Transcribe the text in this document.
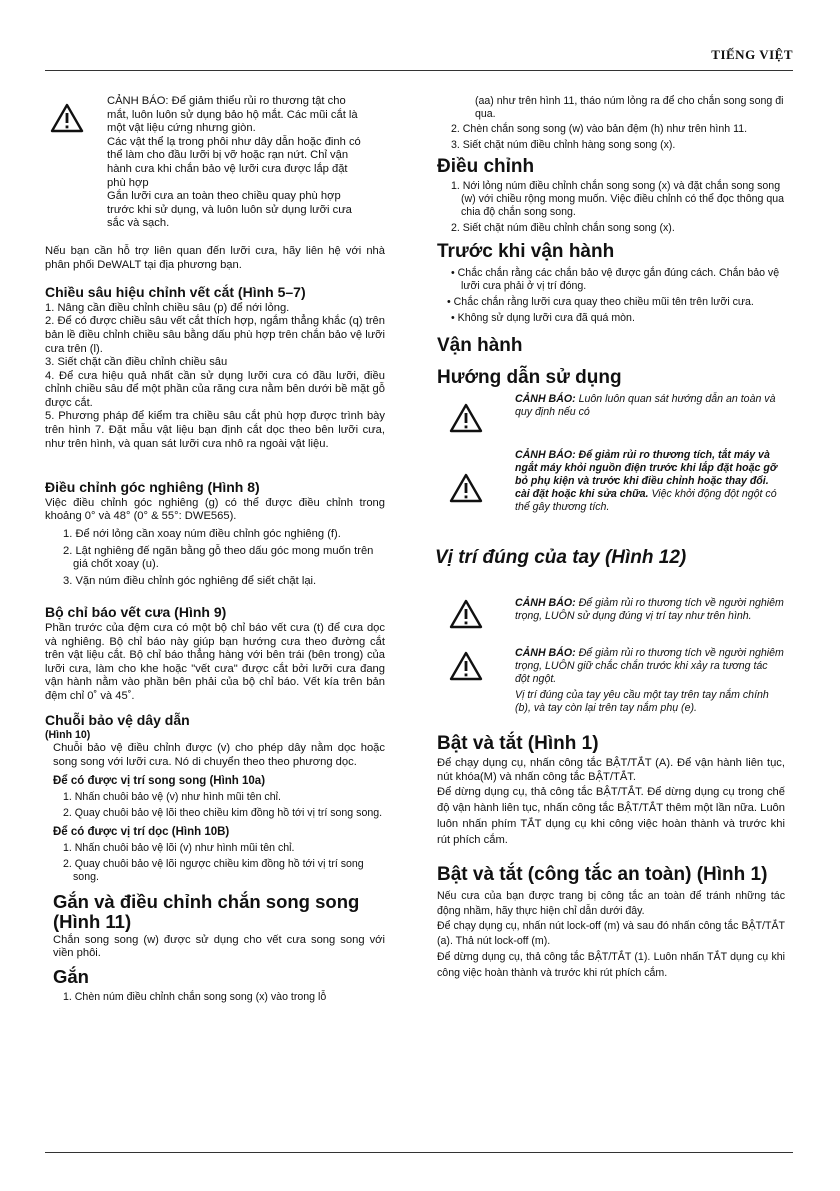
TIẾNG VIỆT
CẢNH BÁO: Để giảm thiểu rủi ro thương tật cho
mắt, luôn luôn sử dụng bảo hộ mắt. Các mũi cắt là
một vật liệu cứng nhưng giòn.
Các vật thể lạ trong phôi như dây dẫn hoặc đinh có
thể làm cho đầu lưỡi bị vỡ hoặc rạn nứt. Chỉ vận
hành cưa khi chắn bảo vệ lưỡi cưa được lắp đặt
phù hợp
Gắn lưỡi cưa an toàn theo chiều quay phù hợp
trước khi sử dụng, và luôn luôn sử dụng lưỡi cưa
sắc và sạch.
Nếu bạn cần hỗ trợ liên quan đến lưỡi cưa, hãy liên hệ với nhà phân phối DeWALT tại địa phương bạn.
Chiều sâu hiệu chỉnh vết cắt (Hình 5–7)
1. Nâng cần điều chỉnh chiều sâu (p) để nới lỏng.
2. Để có được chiều sâu vết cắt thích hợp, ngắm thẳng khắc (q) trên bản lề điều chỉnh chiều sâu bằng dấu phù hợp trên chắn bảo vệ lưỡi cưa trên (l).
3. Siết chặt cần điều chỉnh chiều sâu
4. Để cưa hiệu quả nhất cần sử dụng lưỡi cưa có đầu lưỡi, điều chỉnh chiều sâu để một phần của răng cưa nằm bên dưới bề mặt gỗ được cắt.
5. Phương pháp để kiểm tra chiều sâu cắt phù hợp được trình bày trên hình 7. Đặt mẫu vật liệu bạn định cắt dọc theo bên lưỡi cưa, như trên hình, và quan sát lưỡi cưa nhô ra ngoài vật liệu.
Điều chỉnh góc nghiêng (Hình 8)
Việc điều chỉnh góc nghiêng (g) có thể được điều chỉnh trong khoảng 0° và 48° (0° & 55°: DWE565).
1. Để nới lỏng cần xoay núm điều chỉnh góc nghiêng (f).
2. Lật nghiêng đế ngăn bằng gỗ theo dấu góc mong muốn trên giá chốt xoay (u).
3. Vặn núm điều chỉnh góc nghiêng để siết chặt lại.
Bộ chỉ báo vết cưa (Hình 9)
Phần trước của đệm cưa có một bộ chỉ báo vết cưa (t) để cưa dọc và nghiêng. Bộ chỉ báo này giúp bạn hướng cưa theo đường cắt trên vật liệu cắt. Bộ chỉ báo thẳng hàng với bên trái (bên trong) của lưỡi cưa, làm cho khe hoặc "vết cưa" được cắt bởi lưỡi cưa đang vận hành nằm vào phần bên phải của bộ chỉ báo. Vết kía trên bản đệm chỉ 0˚ và 45˚.
Chuỗi bảo vệ dây dẫn
(Hình 10)
Chuỗi bảo vệ điều chỉnh được (v) cho phép dây nằm dọc hoặc song song với lưỡi cưa. Nó di chuyển theo theo phương dọc.
Để có được vị trí song song (Hình 10a)
1. Nhấn chuôi bảo vệ (v) như hình mũi tên chỉ.
2. Quay chuôi bảo vệ lõi theo chiều kim đồng hồ tới vị trí song song.
Để có được vị trí dọc (Hình 10B)
1. Nhấn chuôi bảo vệ lõi (v) như hình mũi tên chỉ.
2. Quay chuôi bảo vệ lõi ngược chiều kim đồng hồ tới vị trí song song.
Gắn và điều chỉnh chắn song song (Hình 11)
Chắn song song (w) được sử dụng cho vết cưa song song với viền phôi.
Gắn
1. Chèn núm điều chỉnh chắn song song (x) vào trong lỗ
(aa) như trên hình 11, tháo núm lỏng ra để cho chắn song song đi qua.
2. Chèn chắn song song (w) vào bản đệm (h) như trên hình 11.
3. Siết chặt núm điều chỉnh hàng song song (x).
Điều chỉnh
1. Nới lỏng núm điều chỉnh chắn song song (x) và đặt chắn song song (w) với chiều rộng mong muốn. Việc điều chỉnh có thể đọc thông qua chia độ chắn song song.
2. Siết chặt núm điều chỉnh chắn song song (x).
Trước khi vận hành
• Chắc chắn rằng các chắn bảo vệ được gắn đúng cách. Chắn bảo vệ lưỡi cưa phải ở vị trí đóng.
• Chắc chắn rằng lưỡi cưa quay theo chiều mũi tên trên lưỡi cưa.
• Không sử dụng lưỡi cưa đã quá mòn.
Vận hành
Hướng dẫn sử dụng
CẢNH BÁO: Luôn luôn quan sát hướng dẫn an toàn và quy định nếu có
CẢNH BÁO: Để giảm rủi ro thương tích, tắt máy và ngắt máy khỏi nguồn điện trước khi lắp đặt hoặc gỡ bỏ phụ kiện và trước khi điều chỉnh hoặc thay đổi.
cài đặt hoặc khi sửa chữa. Việc khởi động đột ngột có thể gây thương tích.
Vị trí đúng của tay (Hình 12)
CẢNH BÁO: Để giảm rủi ro thương tích về người nghiêm trọng, LUÔN sử dụng đúng vị trí tay như trên hình.
CẢNH BÁO: Để giảm rủi ro thương tích về người nghiêm trọng, LUÔN giữ chắc chắn trước khi xảy ra tương tác đột ngột.
Vị trí đúng của tay yêu cầu một tay trên tay nắm chính (b), và tay còn lại trên tay nắm phụ (e).
Bật và tắt (Hình 1)
Để chạy dụng cụ, nhấn công tắc BẬT/TẮT (A). Để vận hành liên tục, nút khóa(M) và nhấn công tắc BẬT/TẮT.
Để dừng dụng cụ, thả công tắc BẬT/TẮT. Để dừng dụng cụ trong chế độ vận hành liên tục, nhấn công tắc BẬT/TẮT thêm một lần nữa. Luôn luôn nhấn phím TẮT dụng cụ khi công việc hoàn thành và trước khi rút phích cắm.
Bật và tắt (công tắc an toàn) (Hình 1)
Nếu cưa của bạn được trang bị công tắc an toàn để tránh những tác động nhầm, hãy thực hiện chỉ dẫn dưới đây.
Để chạy dụng cụ, nhấn nút lock-off (m) và sau đó nhấn công tắc BẬT/TẮT (a). Thả nút lock-off (m).
Để dừng dụng cụ, thả công tắc BẬT/TẮT (1). Luôn nhấn TẮT dụng cụ khi công việc hoàn thành và trước khi rút phích cắm.
